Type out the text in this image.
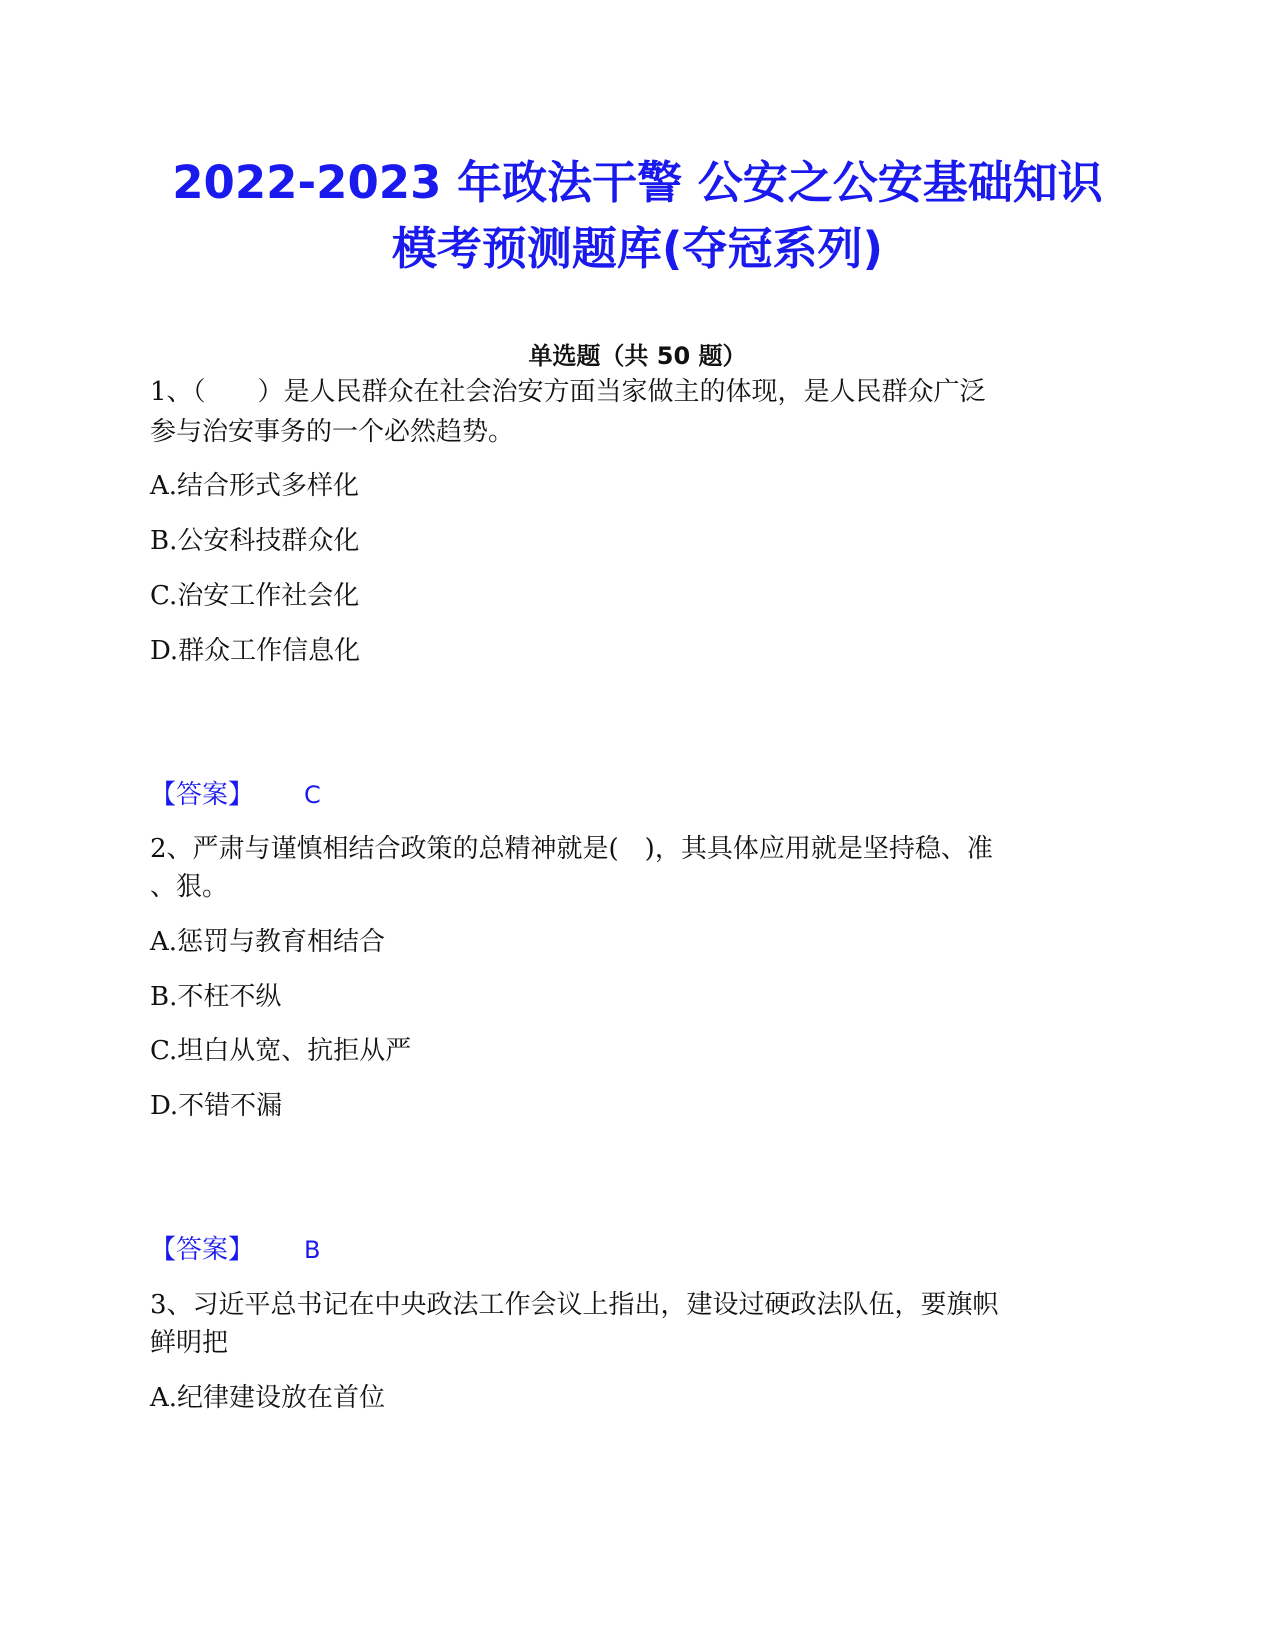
2022-2023 年政法干警 公安之公安基础知识
模考预测题库(夺冠系列)
单选题（共 50 题）
1、（　　）是人民群众在社会治安方面当家做主的体现，是人民群众广泛
参与治安事务的一个必然趋势。
A.结合形式多样化
B.公安科技群众化
C.治安工作社会化
D.群众工作信息化
【答案】 C
2、严肃与谨慎相结合政策的总精神就是(　)，其具体应用就是坚持稳、准
、狠。
A.惩罚与教育相结合
B.不枉不纵
C.坦白从宽、抗拒从严
D.不错不漏
【答案】 B
3、习近平总书记在中央政法工作会议上指出，建设过硬政法队伍，要旗帜
鲜明把
A.纪律建设放在首位
